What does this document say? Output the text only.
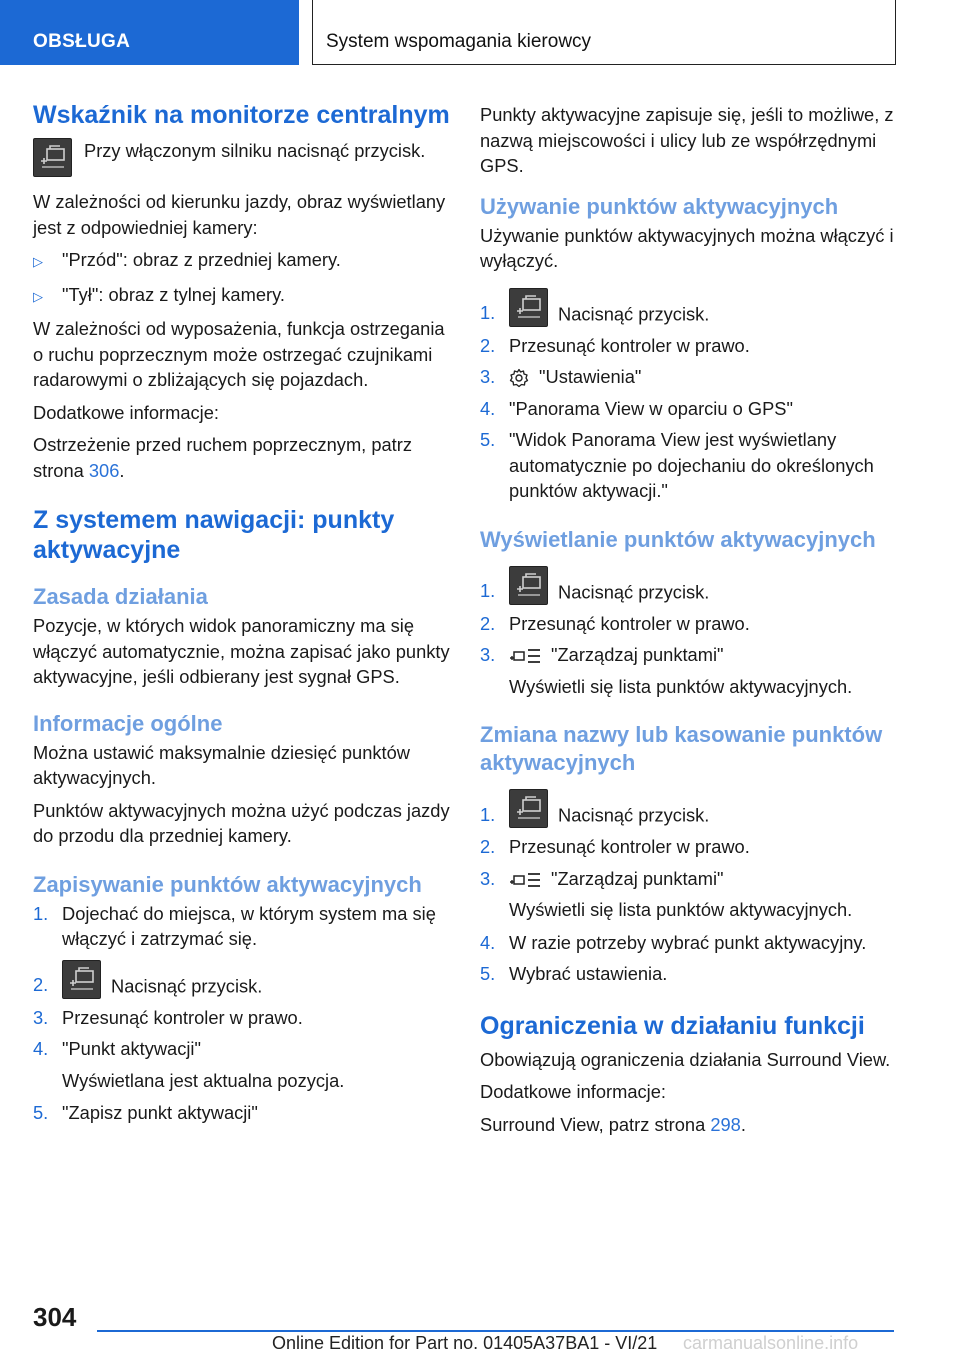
OBSŁUGA	System wspomagania kierowcy
Wskaźnik na monitorze centralnym
Przy włączonym silniku nacisnąć przycisk.

W zależności od kierunku jazdy, obraz wyświetlany jest z odpowiedniej kamery:

▷	"Przód": obraz z przedniej kamery.
▷	"Tył": obraz z tylnej kamery.

W zależności od wyposażenia, funkcja ostrzegania o ruchu poprzecznym może ostrzegać czujnikami radarowymi o zbliżających się pojazdach.

Dodatkowe informacje:

Ostrzeżenie przed ruchem poprzecznym, patrz strona 306.

Z systemem nawigacji: punkty aktywacyjne
Zasada działania

Pozycje, w których widok panoramiczny ma się włączyć automatycznie, można zapisać jako punkty aktywacyjne, jeśli odbierany jest sygnał GPS.

Informacje ogólne

Można ustawić maksymalnie dziesięć punktów aktywacyjnych.

Punktów aktywacyjnych można użyć podczas jazdy do przodu dla przedniej kamery.

Zapisywanie punktów aktywacyjnych
1. Dojechać do miejsca, w którym system ma się włączyć i zatrzymać się.
2.	Nacisnąć przycisk.
3. Przesunąć kontroler w prawo.
4. "Punkt aktywacji"
Wyświetlana jest aktualna pozycja.
5. "Zapisz punkt aktywacji"

Punkty aktywacyjne zapisuje się, jeśli to możliwe, z nazwą miejscowości i ulicy lub ze współrzędnymi GPS.

Używanie punktów aktywacyjnych

Używanie punktów aktywacyjnych można włączyć i wyłączyć.

1.	Nacisnąć przycisk.
2. Przesunąć kontroler w prawo.
3.	"Ustawienia"
4. "Panorama View w oparciu o GPS"
5. "Widok Panorama View jest wyświetlany automatycznie po dojechaniu do określonych punktów aktywacji."
Wyświetlanie punktów aktywacyjnych
1.	Nacisnąć przycisk.
2. Przesunąć kontroler w prawo.
3.	"Zarządzaj punktami"
Wyświetli się lista punktów aktywacyjnych.
Zmiana nazwy lub kasowanie punktów aktywacyjnych
1.	Nacisnąć przycisk.
2. Przesunąć kontroler w prawo.
3.	"Zarządzaj punktami"
Wyświetli się lista punktów aktywacyjnych.
4. W razie potrzeby wybrać punkt aktywacyjny.
5. Wybrać ustawienia.
Ograniczenia w działaniu funkcji

Obowiązują ograniczenia działania Surround View.

Dodatkowe informacje:

Surround View, patrz strona 298.

304
Online Edition for Part no. 01405A37BA1 - VI/21 carmanualsonline.info
